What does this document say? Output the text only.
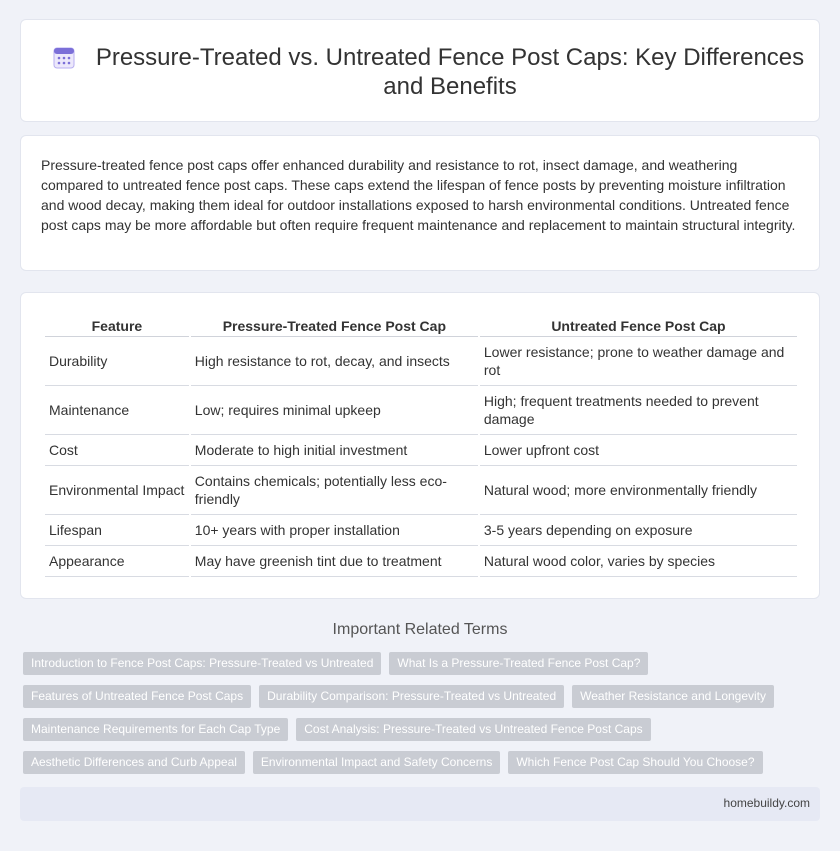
Pressure-Treated vs. Untreated Fence Post Caps: Key Differences and Benefits

Pressure-treated fence post caps offer enhanced durability and resistance to rot, insect damage, and weathering compared to untreated fence post caps. These caps extend the lifespan of fence posts by preventing moisture infiltration and wood decay, making them ideal for outdoor installations exposed to harsh environmental conditions. Untreated fence post caps may be more affordable but often require frequent maintenance and replacement to maintain structural integrity.

Feature	Pressure-Treated Fence Post Cap	Untreated Fence Post Cap
Durability	High resistance to rot, decay, and insects	Lower resistance; prone to weather damage and rot
Maintenance	Low; requires minimal upkeep	High; frequent treatments needed to prevent damage
Cost	Moderate to high initial investment	Lower upfront cost
Environmental Impact	Contains chemicals; potentially less eco-friendly	Natural wood; more environmentally friendly
Lifespan	10+ years with proper installation	3-5 years depending on exposure
Appearance	May have greenish tint due to treatment	Natural wood color, varies by species
Important Related Terms
Introduction to Fence Post Caps: Pressure-Treated vs Untreated	What Is a Pressure-Treated Fence Post Cap?
Features of Untreated Fence Post Caps	Durability Comparison: Pressure-Treated vs Untreated	Weather Resistance and Longevity
Maintenance Requirements for Each Cap Type	Cost Analysis: Pressure-Treated vs Untreated Fence Post Caps
Aesthetic Differences and Curb Appeal	Environmental Impact and Safety Concerns	Which Fence Post Cap Should You Choose?
homebuildy.com
